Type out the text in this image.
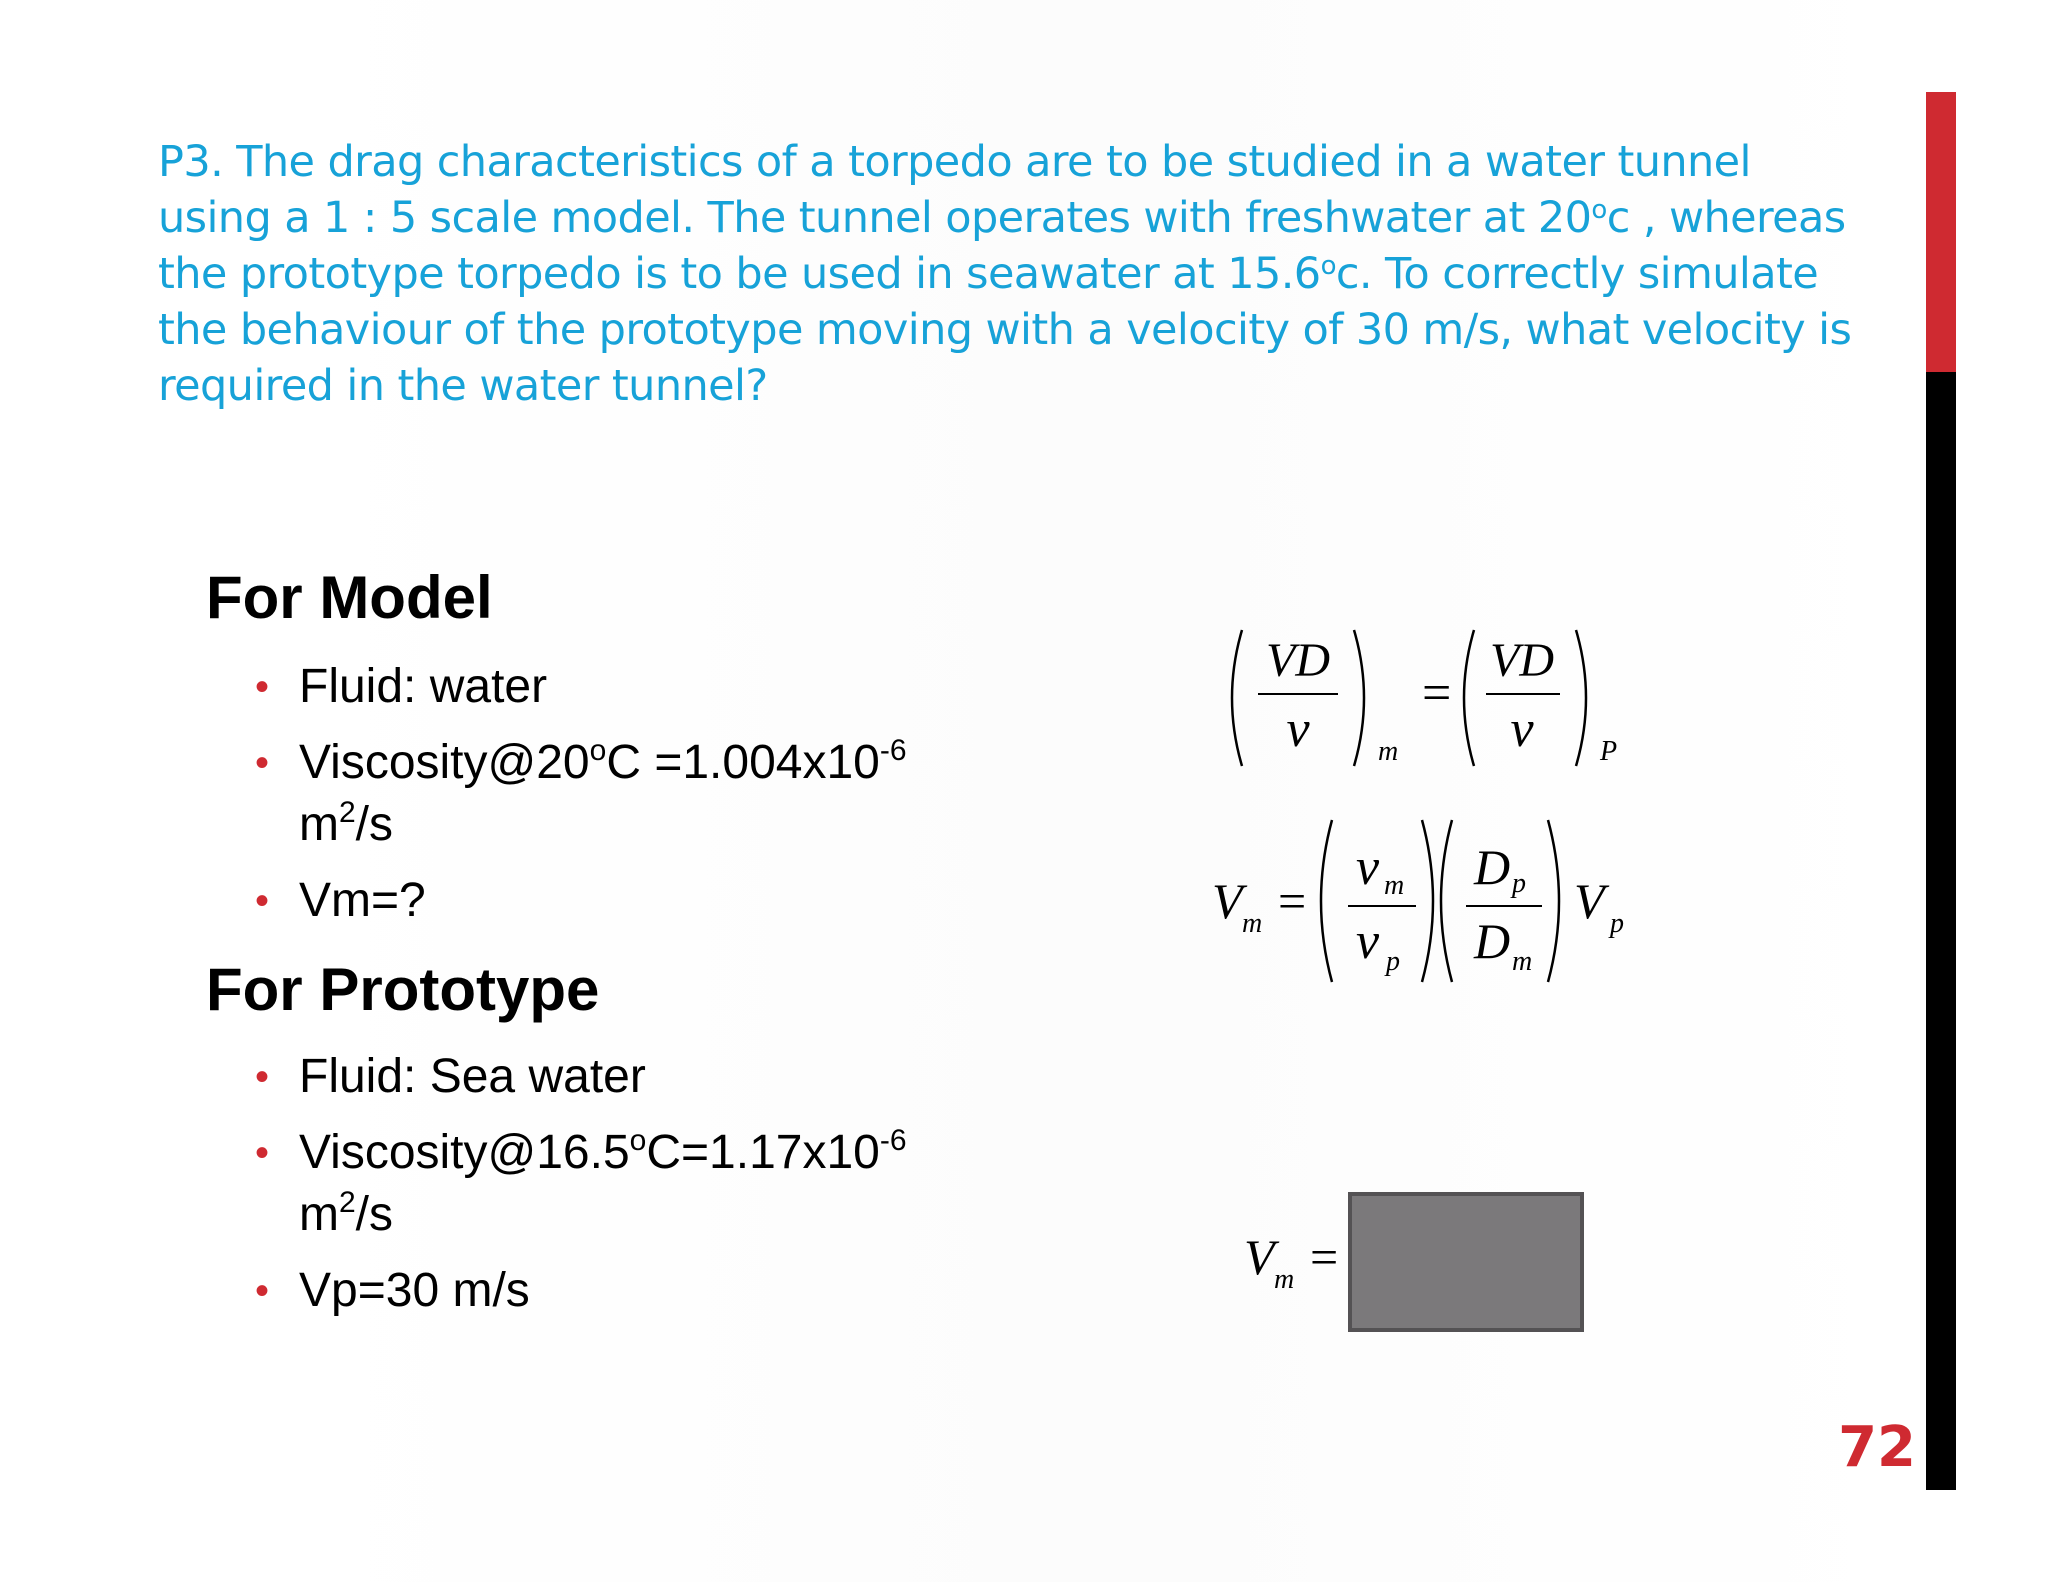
P3. The drag characteristics of a torpedo are to be studied in a water tunnel
using a 1 : 5 scale model. The tunnel operates with freshwater at 20$^o$c , whereas
the prototype torpedo is to be used in seawater at 15.6$^o$c. To correctly simulate
the behaviour of the prototype moving with a velocity of 30 m/s, what velocity is
required in the water tunnel?
For Model
• Fluid: water
• $Viscosity@20^oC =1.004x10^{-6}$
$m^2/s$
• Vm=?
For Prototype
• Fluid: Sea water
• $Viscosity@16.5^oC=1.17x10^{-6}$
$m^2/s$
• Vp=30 m/s
VD
ν m
=
VD
ν P
V m =
ν m
ν p
D p
D m
V p
V m =
72
